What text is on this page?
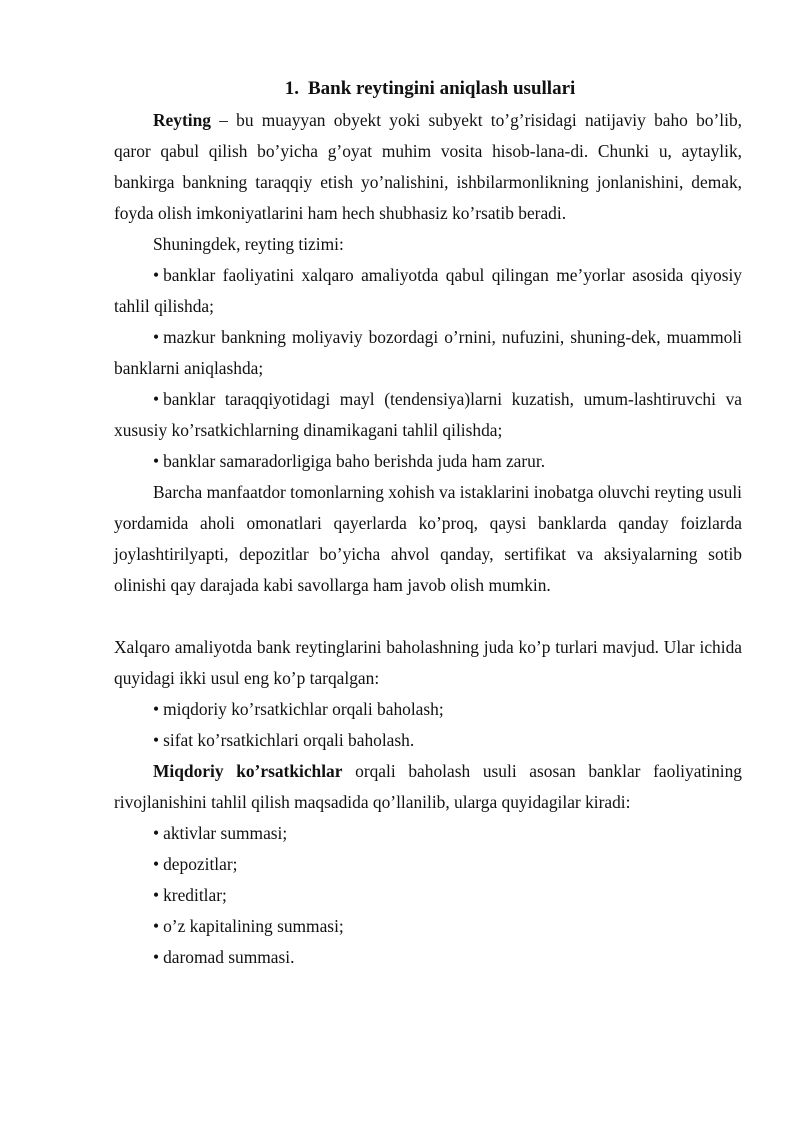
1. Bank reytingini aniqlash usullari

Reyting – bu muayyan obyekt yoki subyekt to’g’risidagi natijaviy baho bo’lib, qaror qabul qilish bo’yicha g’oyat muhim vosita hisob-lana-di. Chunki u, aytaylik, bankirga bankning taraqqiy etish yo’nalishini, ishbilarmonlikning jonlanishini, demak, foyda olish imkoniyatlarini ham hech shubhasiz ko’rsatib beradi.

Shuningdek, reyting tizimi:

• banklar faoliyatini xalqaro amaliyotda qabul qilingan me’yorlar asosida qiyosiy tahlil qilishda;

• mazkur bankning moliyaviy bozordagi o’rnini, nufuzini, shuning-dek, muammoli banklarni aniqlashda;

• banklar taraqqiyotidagi mayl (tendensiya)larni kuzatish, umum-lashtiruvchi va xususiy ko’rsatkichlarning dinamikagani tahlil qilishda;

• banklar samaradorligiga baho berishda juda ham zarur.

Barcha manfaatdor tomonlarning xohish va istaklarini inobatga oluvchi reyting usuli yordamida aholi omonatlari qayerlarda ko’proq, qaysi banklarda qanday foizlarda joylashtirilyapti, depozitlar bo’yicha ahvol qanday, sertifikat va aksiyalarning sotib olinishi qay darajada kabi savollarga ham javob olish mumkin.

Xalqaro amaliyotda bank reytinglarini baholashning juda ko’p turlari mavjud. Ular ichida quyidagi ikki usul eng ko’p tarqalgan:

• miqdoriy ko’rsatkichlar orqali baholash;

• sifat ko’rsatkichlari orqali baholash.

Miqdoriy ko’rsatkichlar orqali baholash usuli asosan banklar faoliyatining rivojlanishini tahlil qilish maqsadida qo’llanilib, ularga quyidagilar kiradi:

• aktivlar summasi;

• depozitlar;

• kreditlar;

• o’z kapitalining summasi;

• daromad summasi.
